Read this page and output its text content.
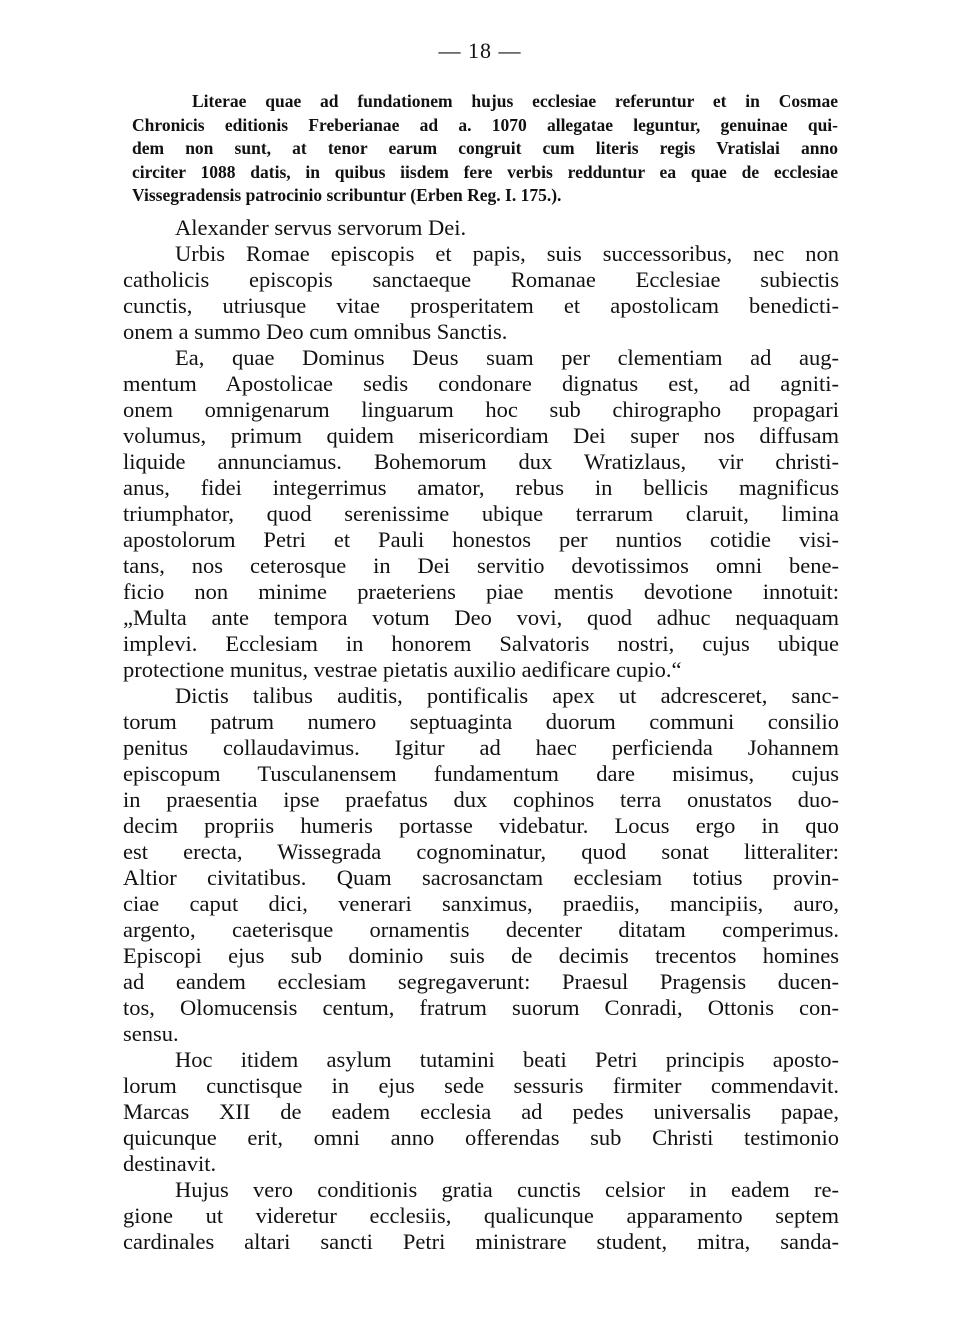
— 18 —
Literae quae ad fundationem hujus ecclesiae referuntur et in Cosmae
Chronicis editionis Freberianae ad a. 1070 allegatae leguntur, genuinae qui-
dem non sunt, at tenor earum congruit cum literis regis Vratislai anno
circiter 1088 datis, in quibus iisdem fere verbis redduntur ea quae de ecclesiae
Vissegradensis patrocinio scribuntur (Erben Reg. I. 175.).
Alexander servus servorum Dei.
Urbis Romae episcopis et papis, suis successoribus, nec non
catholicis episcopis sanctaeque Romanae Ecclesiae subiectis
cunctis, utriusque vitae prosperitatem et apostolicam benedicti-
onem a summo Deo cum omnibus Sanctis.
Ea, quae Dominus Deus suam per clementiam ad aug-
mentum Apostolicae sedis condonare dignatus est, ad agniti-
onem omnigenarum linguarum hoc sub chirographo propagari
volumus, primum quidem misericordiam Dei super nos diffusam
liquide annunciamus. Bohemorum dux Wratizlaus, vir christi-
anus, fidei integerrimus amator, rebus in bellicis magnificus
triumphator, quod serenissime ubique terrarum claruit, limina
apostolorum Petri et Pauli honestos per nuntios cotidie visi-
tans, nos ceterosque in Dei servitio devotissimos omni bene-
ficio non minime praeteriens piae mentis devotione innotuit:
„Multa ante tempora votum Deo vovi, quod adhuc nequaquam
implevi. Ecclesiam in honorem Salvatoris nostri, cujus ubique
protectione munitus, vestrae pietatis auxilio aedificare cupio.“
Dictis talibus auditis, pontificalis apex ut adcresceret, sanc-
torum patrum numero septuaginta duorum communi consilio
penitus collaudavimus. Igitur ad haec perficienda Johannem
episcopum Tusculanensem fundamentum dare misimus, cujus
in praesentia ipse praefatus dux cophinos terra onustatos duo-
decim propriis humeris portasse videbatur. Locus ergo in quo
est erecta, Wissegrada cognominatur, quod sonat litteraliter:
Altior civitatibus. Quam sacrosanctam ecclesiam totius provin-
ciae caput dici, venerari sanximus, praediis, mancipiis, auro,
argento, caeterisque ornamentis decenter ditatam comperimus.
Episcopi ejus sub dominio suis de decimis trecentos homines
ad eandem ecclesiam segregaverunt: Praesul Pragensis ducen-
tos, Olomucensis centum, fratrum suorum Conradi, Ottonis con-
sensu.
Hoc itidem asylum tutamini beati Petri principis aposto-
lorum cunctisque in ejus sede sessuris firmiter commendavit.
Marcas XII de eadem ecclesia ad pedes universalis papae,
quicunque erit, omni anno offerendas sub Christi testimonio
destinavit.
Hujus vero conditionis gratia cunctis celsior in eadem re-
gione ut videretur ecclesiis, qualicunque apparamento septem
cardinales altari sancti Petri ministrare student, mitra, sanda-
